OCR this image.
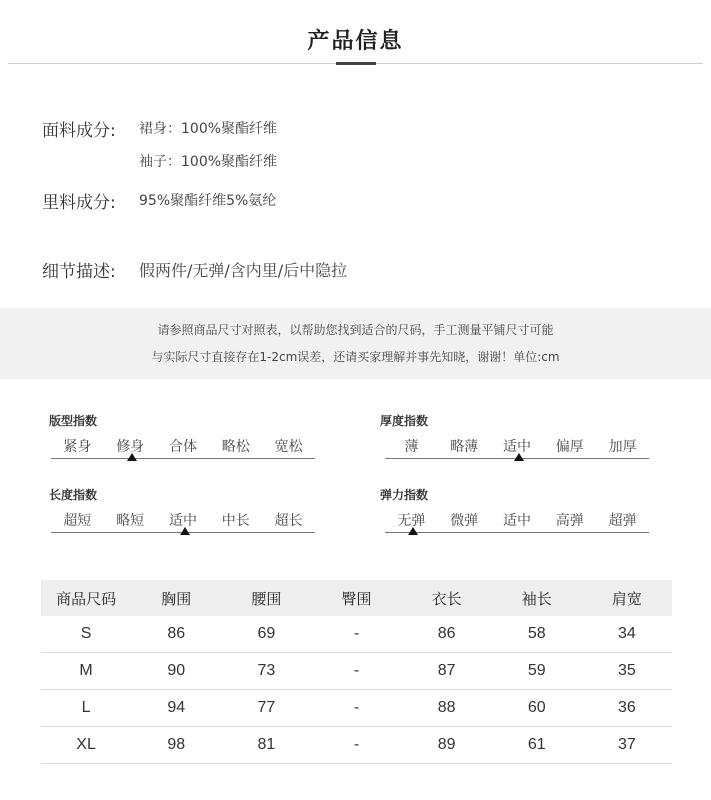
产品信息
面料成分: 裙身：100%聚酯纤维
袖子：100%聚酯纤维
里料成分: 95%聚酯纤维5%氨纶
细节描述: 假两件/无弹/含内里/后中隐拉
请参照商品尺寸对照表，以帮助您找到适合的尺码，手工测量平铺尺寸可能
与实际尺寸直接存在1-2cm误差，还请买家理解并事先知晓，谢谢！单位:cm
版型指数
紧身	修身	合体	略松	宽松
厚度指数
薄	略薄	适中	偏厚	加厚
长度指数
超短	略短	适中	中长	超长
弹力指数
无弹	微弹	适中	高弹	超弹
商品尺码	胸围	腰围	臀围	衣长	袖长	肩宽
S	86	69	-	86	58	34
M	90	73	-	87	59	35
L	94	77	-	88	60	36
XL	98	81	-	89	61	37
